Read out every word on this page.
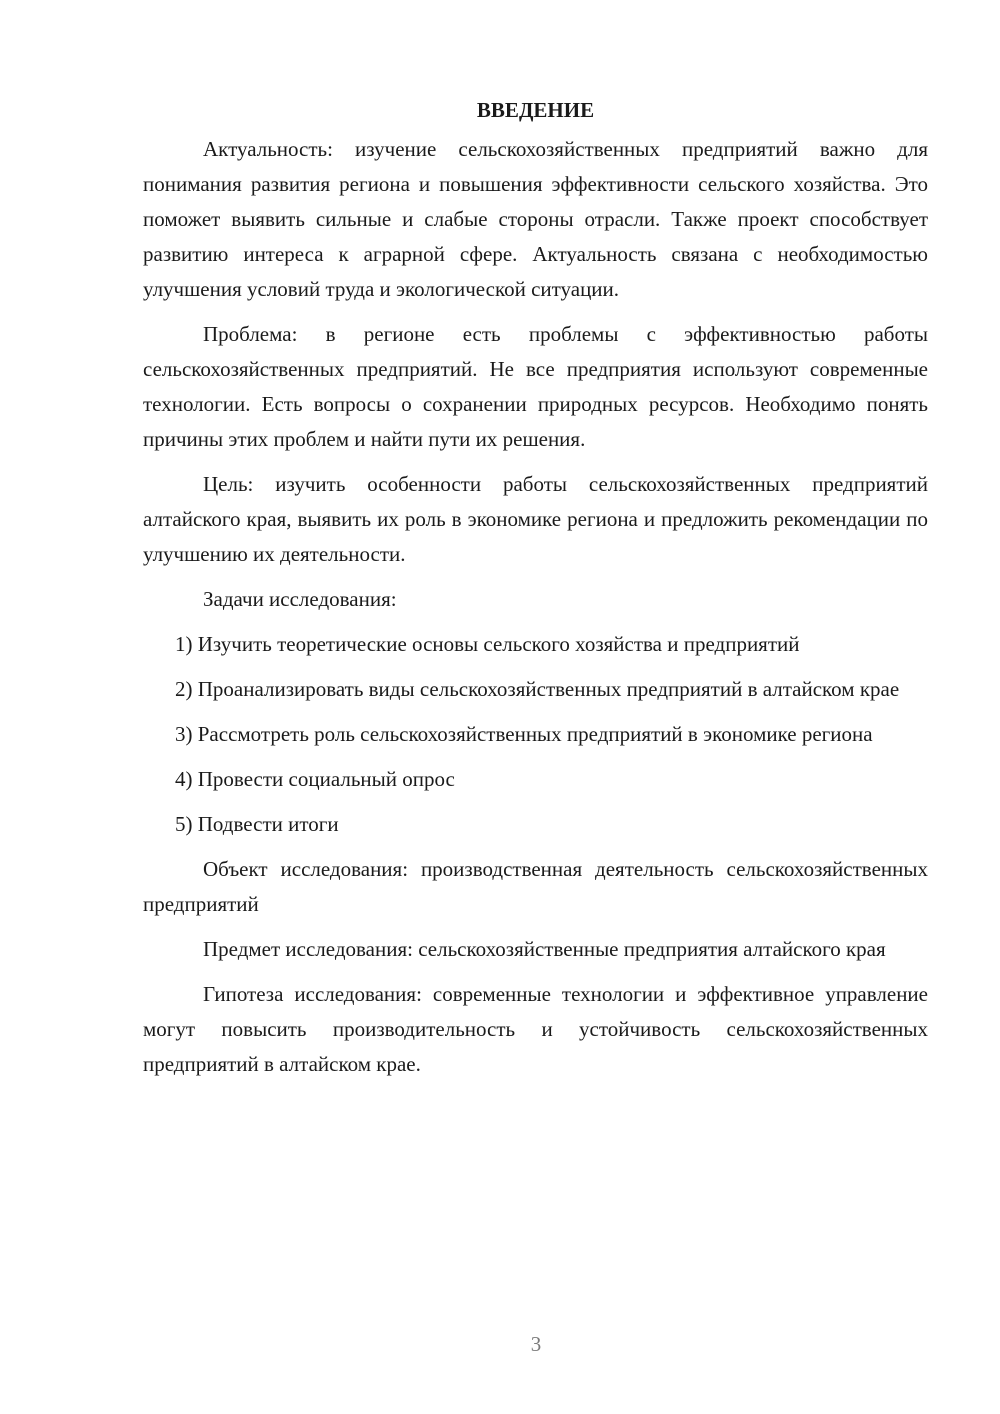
ВВЕДЕНИЕ

Актуальность: изучение сельскохозяйственных предприятий важно для понимания развития региона и повышения эффективности сельского хозяйства. Это поможет выявить сильные и слабые стороны отрасли. Также проект способствует развитию интереса к аграрной сфере. Актуальность связана с необходимостью улучшения условий труда и экологической ситуации.

Проблема: в регионе есть проблемы с эффективностью работы сельскохозяйственных предприятий. Не все предприятия используют современные технологии. Есть вопросы о сохранении природных ресурсов. Необходимо понять причины этих проблем и найти пути их решения.

Цель: изучить особенности работы сельскохозяйственных предприятий алтайского края, выявить их роль в экономике региона и предложить рекомендации по улучшению их деятельности.

Задачи исследования:

1) Изучить теоретические основы сельского хозяйства и предприятий

2) Проанализировать виды сельскохозяйственных предприятий в алтайском крае

3) Рассмотреть роль сельскохозяйственных предприятий в экономике региона

4) Провести социальный опрос

5) Подвести итоги

Объект исследования: производственная деятельность сельскохозяйственных предприятий

Предмет исследования: сельскохозяйственные предприятия алтайского края

Гипотеза исследования: современные технологии и эффективное управление могут повысить производительность и устойчивость сельскохозяйственных предприятий в алтайском крае.

3
